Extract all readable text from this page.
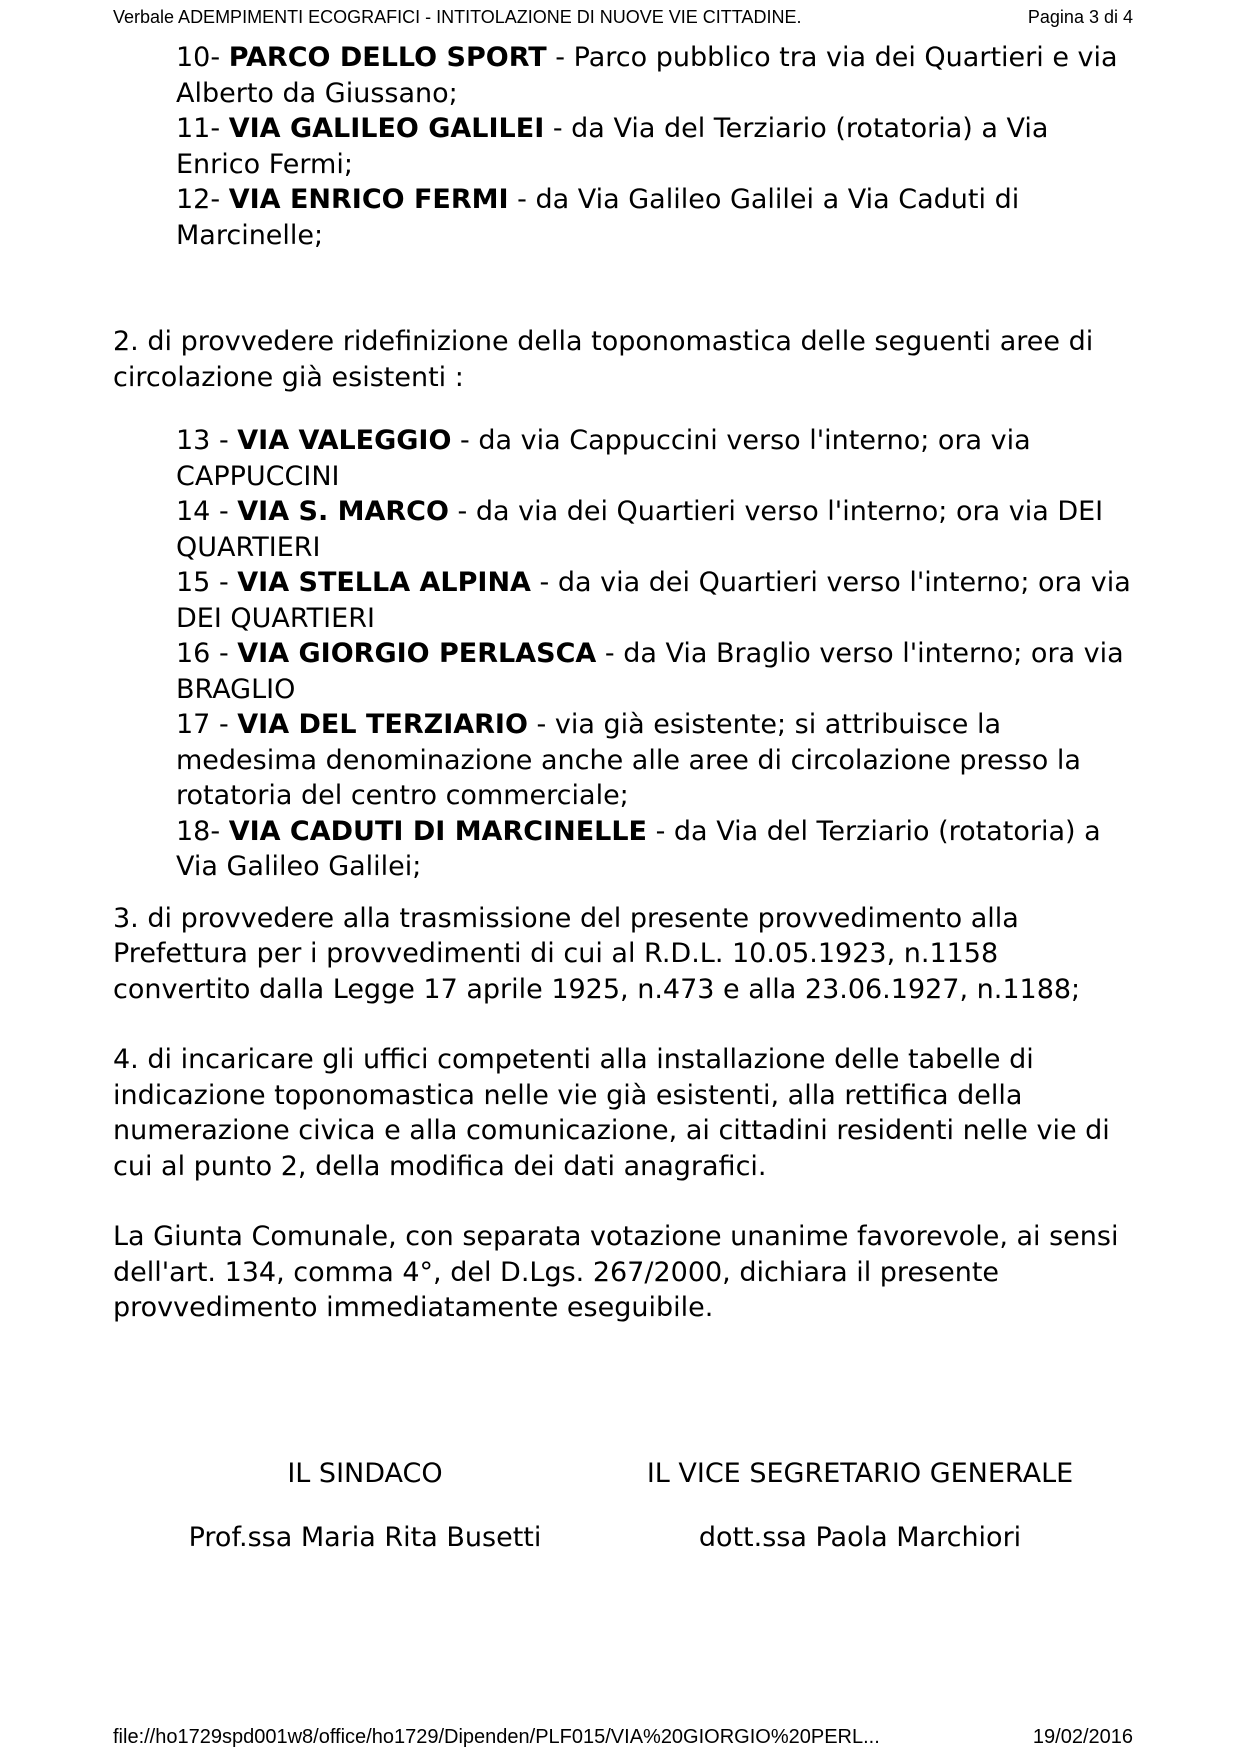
Verbale ADEMPIMENTI ECOGRAFICI - INTITOLAZIONE DI NUOVE VIE CITTADINE.	Pagina 3 di 4

10- PARCO DELLO SPORT - Parco pubblico tra via dei Quartieri e via Alberto da Giussano;

11- VIA GALILEO GALILEI - da Via del Terziario (rotatoria) a Via Enrico Fermi;

12- VIA ENRICO FERMI - da Via Galileo Galilei a Via Caduti di Marcinelle;

2. di provvedere ridefinizione della toponomastica delle seguenti aree di circolazione già esistenti :

13 - VIA VALEGGIO - da via Cappuccini verso l'interno; ora via CAPPUCCINI

14 - VIA S. MARCO - da via dei Quartieri verso l'interno; ora via DEI QUARTIERI

15 - VIA STELLA ALPINA - da via dei Quartieri verso l'interno; ora via DEI QUARTIERI

16 - VIA GIORGIO PERLASCA - da Via Braglio verso l'interno; ora via BRAGLIO

17 - VIA DEL TERZIARIO - via già esistente; si attribuisce la medesima denominazione anche alle aree di circolazione presso la rotatoria del centro commerciale;

18- VIA CADUTI DI MARCINELLE - da Via del Terziario (rotatoria) a Via Galileo Galilei;

3. di provvedere alla trasmissione del presente provvedimento alla Prefettura per i provvedimenti di cui al R.D.L. 10.05.1923, n.1158 convertito dalla Legge 17 aprile 1925, n.473 e alla 23.06.1927, n.1188;

4. di incaricare gli uffici competenti alla installazione delle tabelle di indicazione toponomastica nelle vie già esistenti, alla rettifica della numerazione civica e alla comunicazione, ai cittadini residenti nelle vie di cui al punto 2, della modifica dei dati anagrafici.

La Giunta Comunale, con separata votazione unanime favorevole, ai sensi dell'art. 134, comma 4°, del D.Lgs. 267/2000, dichiara il presente provvedimento immediatamente eseguibile.

IL SINDACO
Prof.ssa Maria Rita Busetti
IL VICE SEGRETARIO GENERALE
dott.ssa Paola Marchiori
file://ho1729spd001w8/office/ho1729/Dipenden/PLF015/VIA%20GIORGIO%20PERL...	19/02/2016
